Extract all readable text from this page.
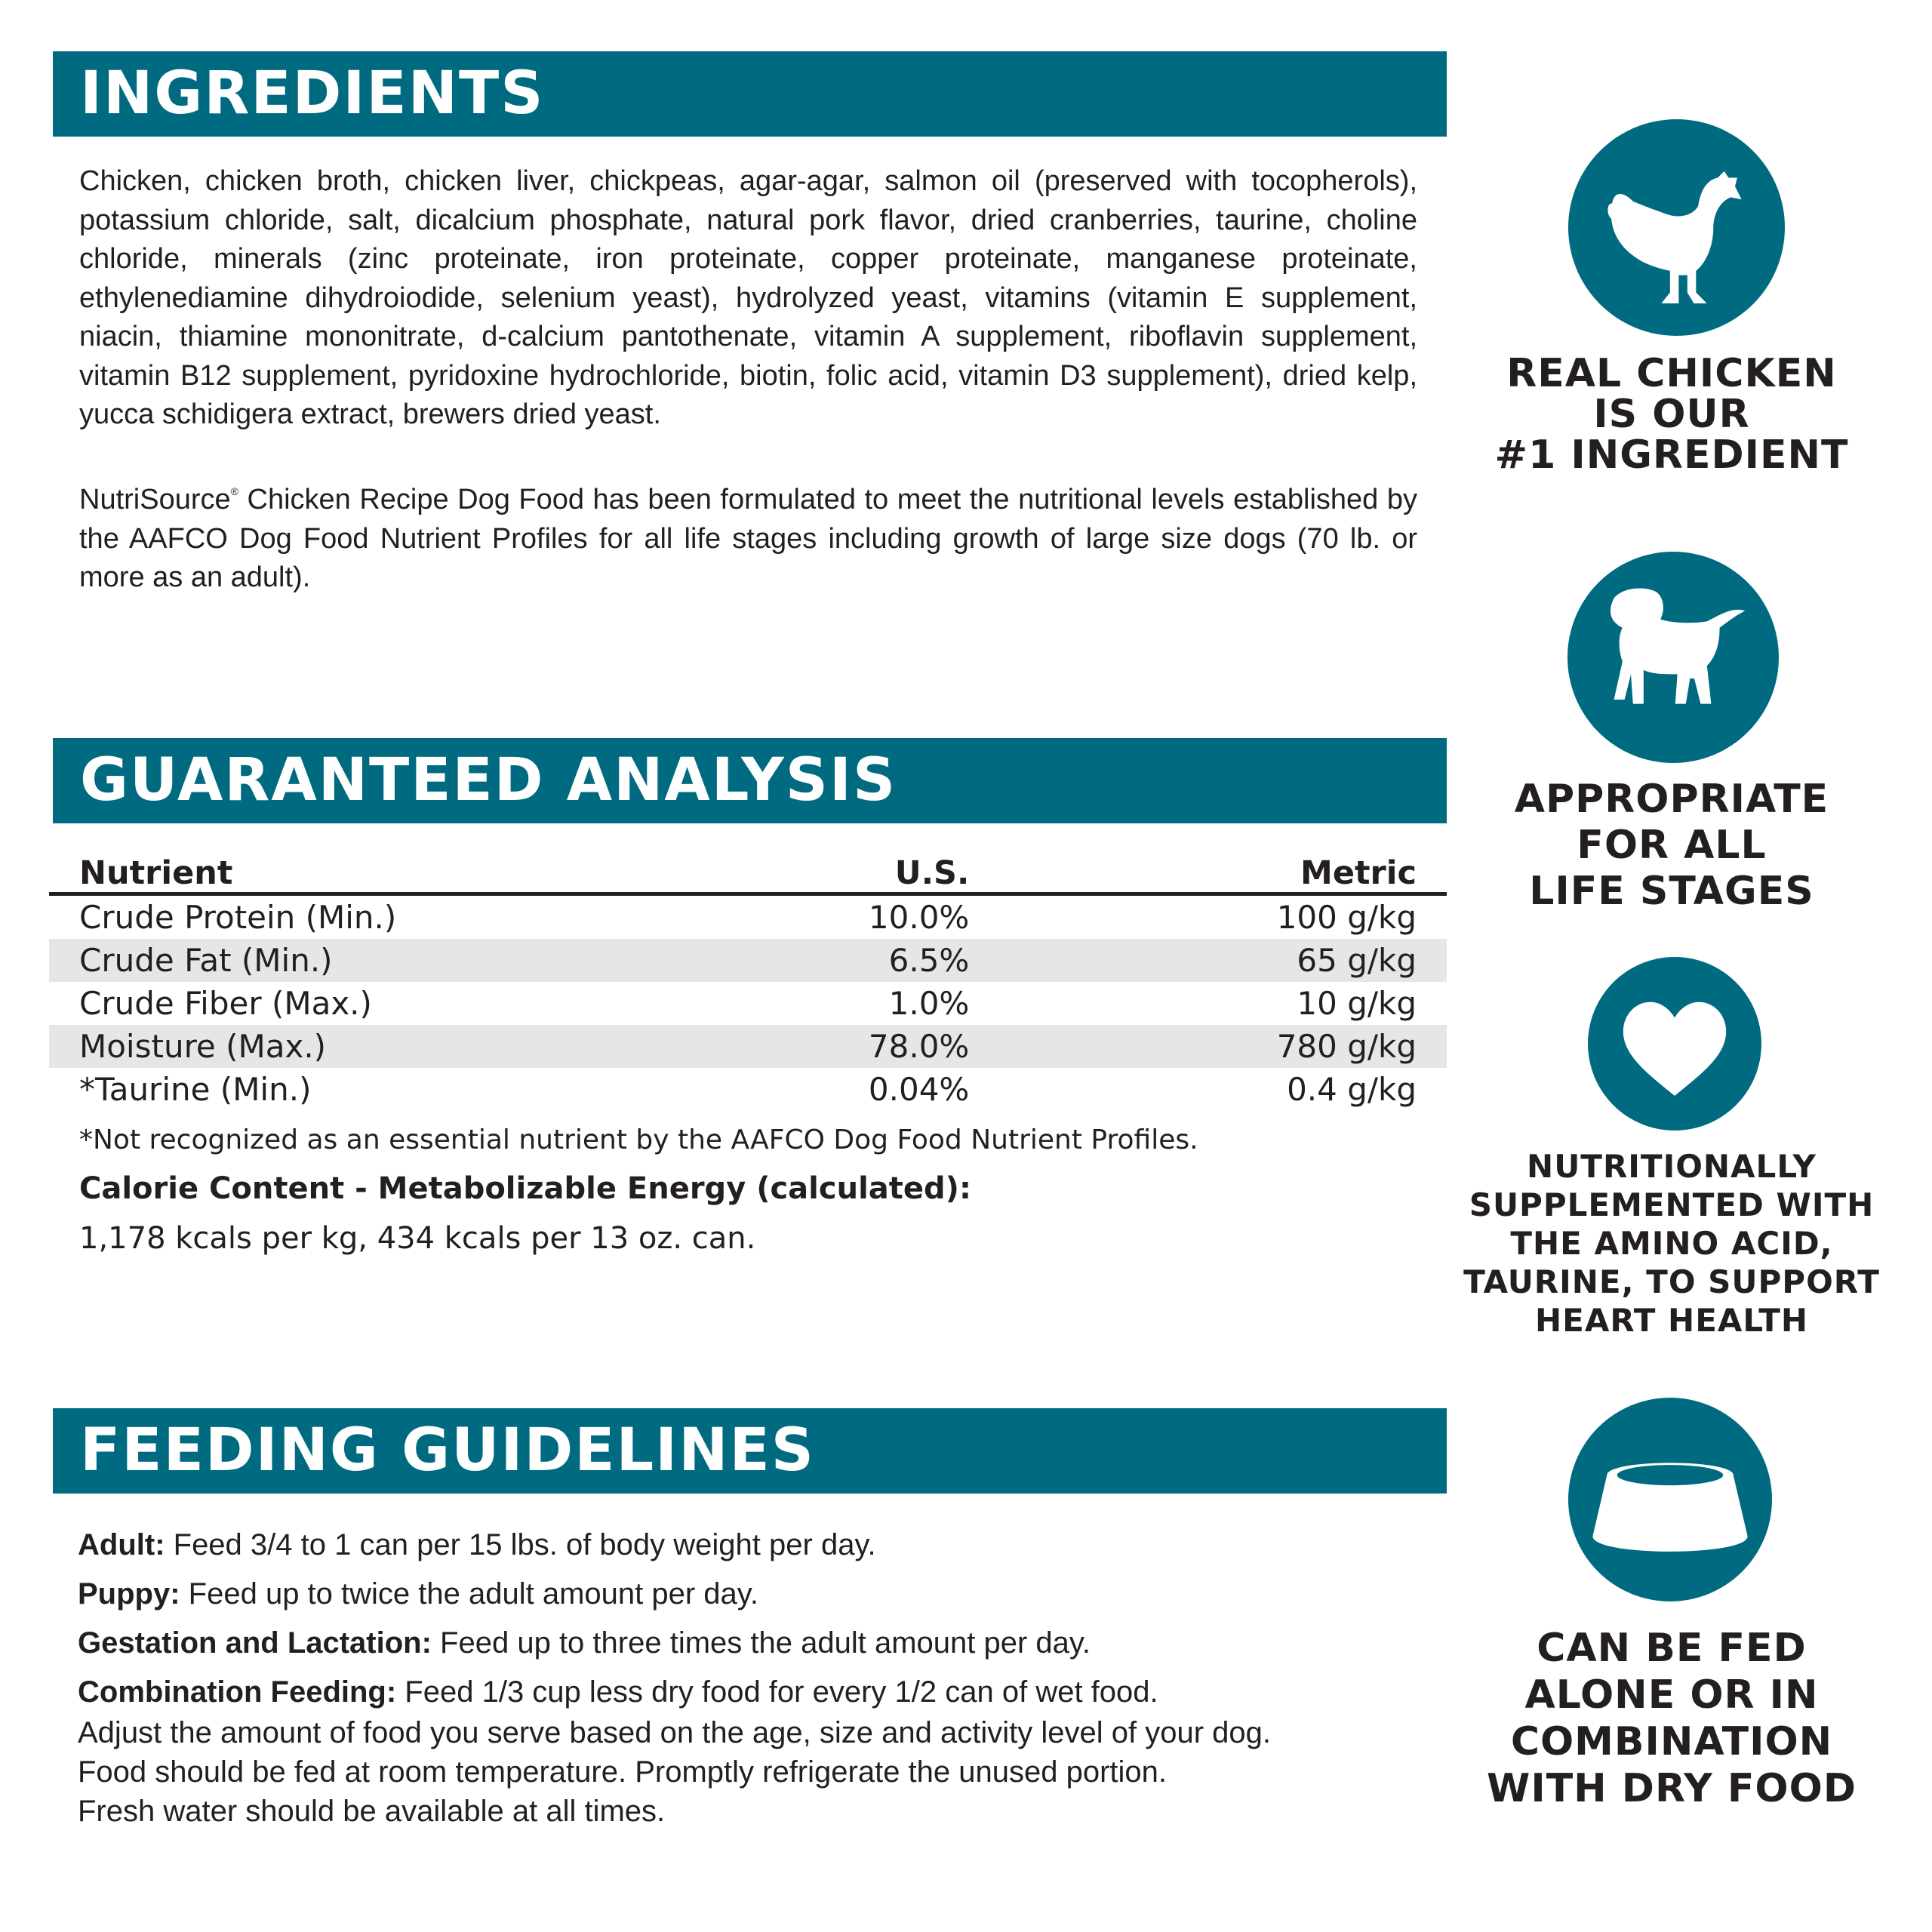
INGREDIENTS
Chicken, chicken broth, chicken liver, chickpeas, agar-agar, salmon oil (preserved with tocopherols), potassium chloride, salt, dicalcium phosphate, natural pork flavor, dried cranberries, taurine, choline chloride, minerals (zinc proteinate, iron proteinate, copper proteinate, manganese proteinate, ethylenediamine dihydroiodide, selenium yeast), hydrolyzed yeast, vitamins (vitamin E supplement, niacin, thiamine mononitrate, d-calcium pantothenate, vitamin A supplement, riboflavin supplement, vitamin B12 supplement, pyridoxine hydrochloride, biotin, folic acid, vitamin D3 supplement), dried kelp, yucca schidigera extract, brewers dried yeast.
NutriSource® Chicken Recipe Dog Food has been formulated to meet the nutritional levels established by the AAFCO Dog Food Nutrient Profiles for all life stages including growth of large size dogs (70 lb. or more as an adult).
GUARANTEED ANALYSIS
Nutrient	U.S.	Metric
Crude Protein (Min.)	10.0%	100 g/kg
Crude Fat (Min.)	6.5%	65 g/kg
Crude Fiber (Max.)	1.0%	10 g/kg
Moisture (Max.)	78.0%	780 g/kg
*Taurine (Min.)	0.04%	0.4 g/kg
*Not recognized as an essential nutrient by the AAFCO Dog Food Nutrient Profiles.
Calorie Content - Metabolizable Energy (calculated):
1,178 kcals per kg, 434 kcals per 13 oz. can.
FEEDING GUIDELINES
Adult: Feed 3/4 to 1 can per 15 lbs. of body weight per day.
Puppy: Feed up to twice the adult amount per day.
Gestation and Lactation: Feed up to three times the adult amount per day.
Combination Feeding: Feed 1/3 cup less dry food for every 1/2 can of wet food.
Adjust the amount of food you serve based on the age, size and activity level of your dog.
Food should be fed at room temperature. Promptly refrigerate the unused portion.
Fresh water should be available at all times.
REAL CHICKEN
IS OUR
#1 INGREDIENT
APPROPRIATE
FOR ALL
LIFE STAGES
NUTRITIONALLY
SUPPLEMENTED WITH
THE AMINO ACID,
TAURINE, TO SUPPORT
HEART HEALTH
CAN BE FED
ALONE OR IN
COMBINATION
WITH DRY FOOD
